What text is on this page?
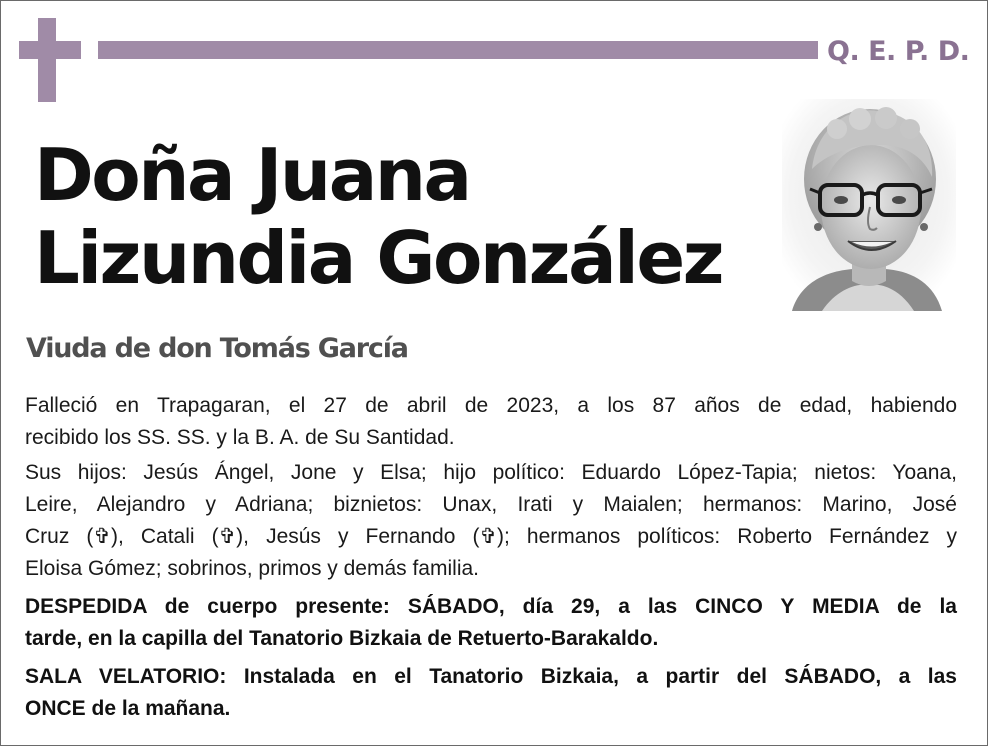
Q. E. P. D.
Doña Juana
Lizundia González
Viuda de don Tomás García
Falleció en Trapagaran, el 27 de abril de 2023, a los 87 años de edad, habiendo
recibido los SS. SS. y la B. A. de Su Santidad.
Sus hijos: Jesús Ángel, Jone y Elsa; hijo político: Eduardo López-Tapia; nietos: Yoana,
Leire, Alejandro y Adriana; biznietos: Unax, Irati y Maialen; hermanos: Marino, José
Cruz (✞), Catali (✞), Jesús y Fernando (✞); hermanos políticos: Roberto Fernández y
Eloisa Gómez; sobrinos, primos y demás familia.
DESPEDIDA de cuerpo presente: SÁBADO, día 29, a las CINCO Y MEDIA de la
tarde, en la capilla del Tanatorio Bizkaia de Retuerto-Barakaldo.
SALA VELATORIO: Instalada en el Tanatorio Bizkaia, a partir del SÁBADO, a las
ONCE de la mañana.
